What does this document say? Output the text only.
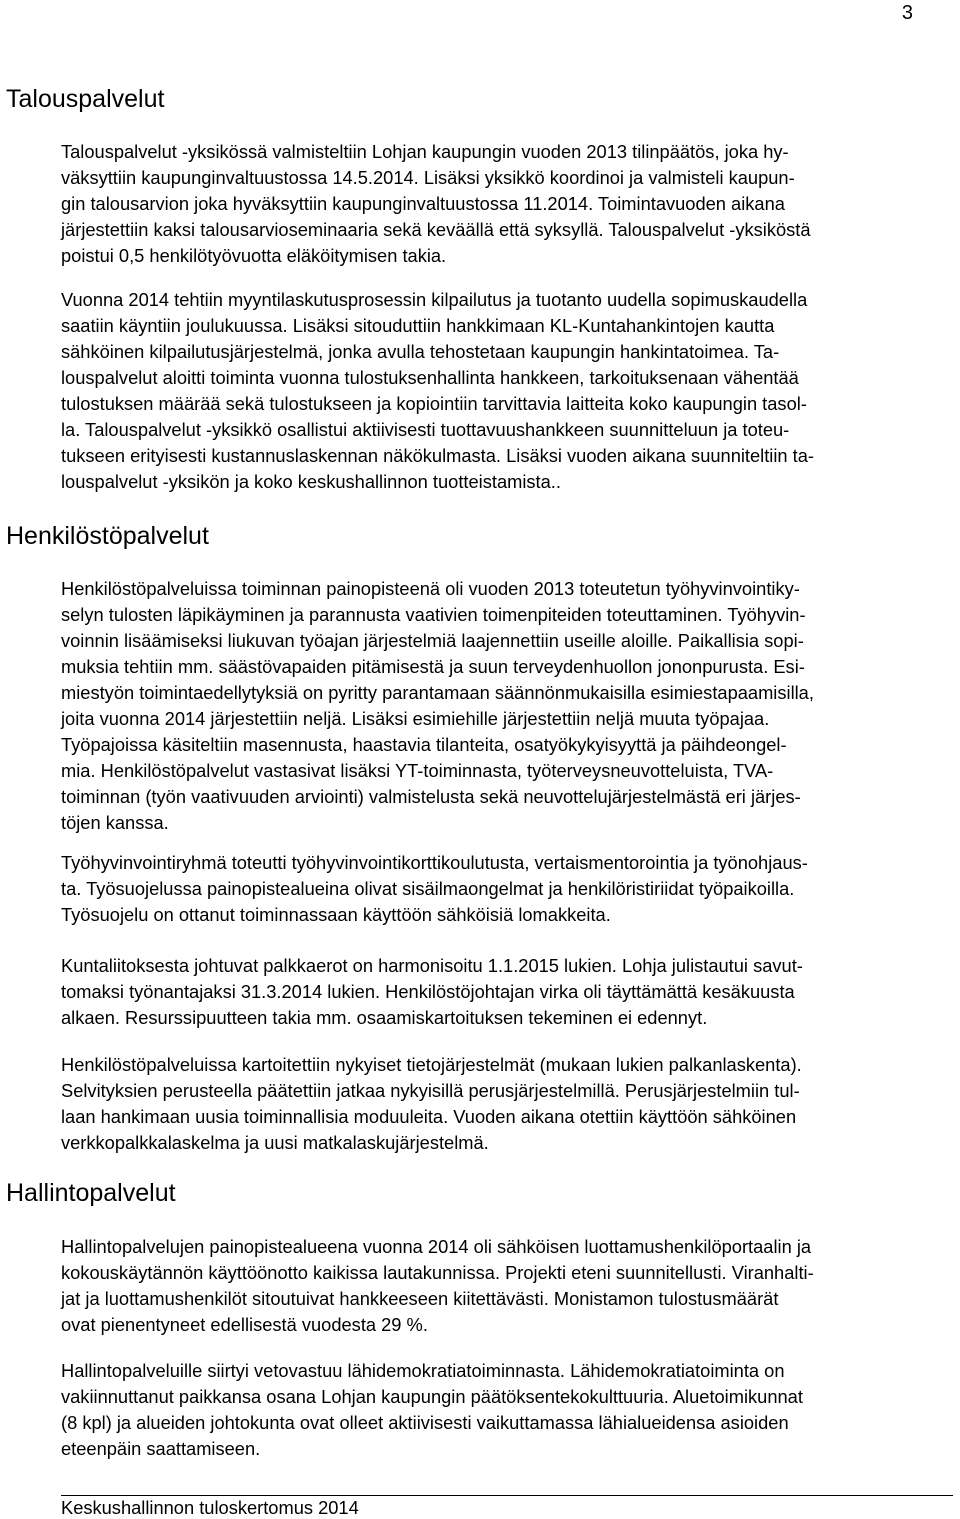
3
Talouspalvelut
Talouspalvelut -yksikössä valmisteltiin Lohjan kaupungin vuoden 2013 tilinpäätös, joka hy-
väksyttiin kaupunginvaltuustossa 14.5.2014. Lisäksi yksikkö koordinoi ja valmisteli kaupun-
gin talousarvion joka hyväksyttiin kaupunginvaltuustossa 11.2014. Toimintavuoden aikana
järjestettiin kaksi talousarvioseminaaria sekä keväällä että syksyllä. Talouspalvelut -yksiköstä
poistui 0,5 henkilötyövuotta eläköitymisen takia.
Vuonna 2014 tehtiin myyntilaskutusprosessin kilpailutus ja tuotanto uudella sopimuskaudella
saatiin käyntiin joulukuussa. Lisäksi sitouduttiin hankkimaan KL-Kuntahankintojen kautta
sähköinen kilpailutusjärjestelmä, jonka avulla tehostetaan kaupungin hankintatoimea. Ta-
louspalvelut aloitti toiminta vuonna tulostuksenhallinta hankkeen, tarkoituksenaan vähentää
tulostuksen määrää sekä tulostukseen ja kopiointiin tarvittavia laitteita koko kaupungin tasol-
la. Talouspalvelut -yksikkö osallistui aktiivisesti tuottavuushankkeen suunnitteluun ja toteu-
tukseen erityisesti kustannuslaskennan näkökulmasta. Lisäksi vuoden aikana suunniteltiin ta-
louspalvelut -yksikön ja koko keskushallinnon tuotteistamista..
Henkilöstöpalvelut
Henkilöstöpalveluissa toiminnan painopisteenä oli vuoden 2013 toteutetun työhyvinvointiky-
selyn tulosten läpikäyminen ja parannusta vaativien toimenpiteiden toteuttaminen. Työhyvin-
voinnin lisäämiseksi liukuvan työajan järjestelmiä laajennettiin useille aloille. Paikallisia sopi-
muksia tehtiin mm. säästövapaiden pitämisestä ja suun terveydenhuollon jononpurusta. Esi-
miestyön toimintaedellytyksiä on pyritty parantamaan säännönmukaisilla esimiestapaamisilla,
joita vuonna 2014 järjestettiin neljä. Lisäksi esimiehille järjestettiin neljä muuta työpajaa.
Työpajoissa käsiteltiin masennusta, haastavia tilanteita, osatyökykyisyyttä ja päihdeongel-
mia. Henkilöstöpalvelut vastasivat lisäksi YT-toiminnasta, työterveysneuvotteluista, TVA-
toiminnan (työn vaativuuden arviointi) valmistelusta sekä neuvottelujärjestelmästä eri järjes-
töjen kanssa.
Työhyvinvointiryhmä toteutti työhyvinvointikorttikoulutusta, vertaismentorointia ja työnohjaus-
ta. Työsuojelussa painopistealueina olivat sisäilmaongelmat ja henkilöristiriidat työpaikoilla.
Työsuojelu on ottanut toiminnassaan käyttöön sähköisiä lomakkeita.
Kuntaliitoksesta johtuvat palkkaerot on harmonisoitu 1.1.2015 lukien. Lohja julistautui savut-
tomaksi työnantajaksi 31.3.2014 lukien. Henkilöstöjohtajan virka oli täyttämättä kesäkuusta
alkaen. Resurssipuutteen takia mm. osaamiskartoituksen tekeminen ei edennyt.
Henkilöstöpalveluissa kartoitettiin nykyiset tietojärjestelmät (mukaan lukien palkanlaskenta).
Selvityksien perusteella päätettiin jatkaa nykyisillä perusjärjestelmillä. Perusjärjestelmiin tul-
laan hankimaan uusia toiminnallisia moduuleita. Vuoden aikana otettiin käyttöön sähköinen
verkkopalkkalaskelma ja uusi matkalaskujärjestelmä.
Hallintopalvelut
Hallintopalvelujen painopistealueena vuonna 2014 oli sähköisen luottamushenkilöportaalin ja
kokouskäytännön käyttöönotto kaikissa lautakunnissa. Projekti eteni suunnitellusti. Viranhalti-
jat ja luottamushenkilöt sitoutuivat hankkeeseen kiitettävästi. Monistamon tulostusmäärät
ovat pienentyneet edellisestä vuodesta 29 %.
Hallintopalveluille siirtyi vetovastuu lähidemokratiatoiminnasta. Lähidemokratiatoiminta on
vakiinnuttanut paikkansa osana Lohjan kaupungin päätöksentekokulttuuria. Aluetoimikunnat
(8 kpl) ja alueiden johtokunta ovat olleet aktiivisesti vaikuttamassa lähialueidensa asioiden
eteenpäin saattamiseen.
Keskushallinnon tuloskertomus 2014
